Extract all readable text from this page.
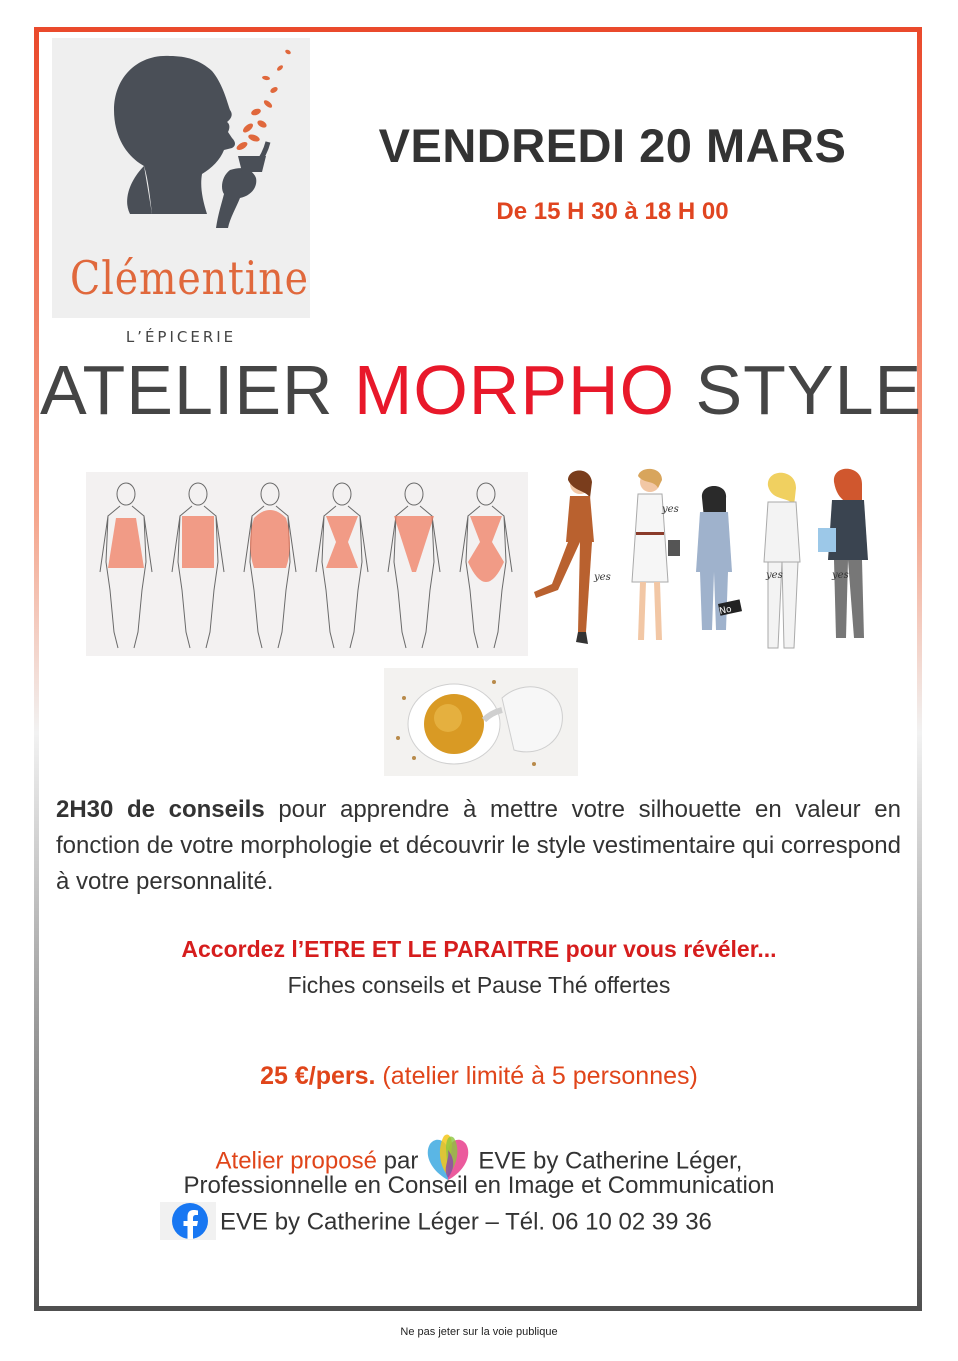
Clémentine
L’ÉPICERIE
VENDREDI 20 MARS
De 15 H 30 à 18 H 00
ATELIER MORPHO STYLE
yes
yes
No
yes	yes
2H30 de conseils pour apprendre à mettre votre silhouette en valeur en fonction de votre morphologie et découvrir le style vestimentaire qui correspond à votre personnalité.
Accordez l’ETRE ET LE PARAITRE pour vous révéler...
Fiches conseils et Pause Thé offertes
25 €/pers. (atelier limité à 5 personnes)
Atelier proposé par	EVE by Catherine Léger,
Professionnelle en Conseil en Image et Communication
EVE by Catherine Léger – Tél. 06 10 02 39 36
Ne pas jeter sur la voie publique
